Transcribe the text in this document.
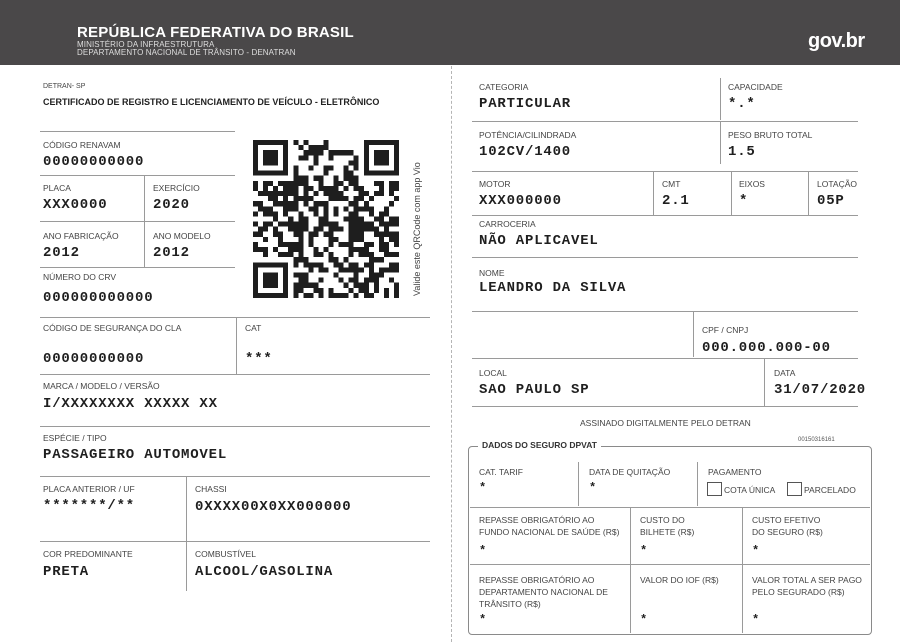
REPÚBLICA FEDERATIVA DO BRASIL
MINISTÉRIO DA INFRAESTRUTURA
DEPARTAMENTO NACIONAL DE TRÂNSITO - DENATRAN
gov.br
DETRAN- SP
CERTIFICADO DE REGISTRO E LICENCIAMENTO DE VEÍCULO - ELETRÔNICO
CÓDIGO RENAVAM
00000000000
PLACA
XXX0000
EXERCÍCIO
2020
ANO FABRICAÇÃO
2012
ANO MODELO
2012
NÚMERO DO CRV
000000000000
Valide este QRCode com app Vio
CÓDIGO DE SEGURANÇA DO CLA
00000000000
CAT
***
MARCA / MODELO / VERSÃO
I/XXXXXXXX XXXXX XX
ESPÉCIE / TIPO
PASSAGEIRO AUTOMOVEL
PLACA ANTERIOR / UF
*******/**
CHASSI
0XXXX00X0XX000000
COR PREDOMINANTE
PRETA
COMBUSTÍVEL
ALCOOL/GASOLINA
CATEGORIA
PARTICULAR
CAPACIDADE
*.*
POTÊNCIA/CILINDRADA
102CV/1400
PESO BRUTO TOTAL
1.5
MOTOR
XXX000000
CMT
2.1
EIXOS
*
LOTAÇÃO
05P
CARROCERIA
NÃO APLICAVEL
NOME
LEANDRO DA SILVA
CPF / CNPJ
000.000.000-00
LOCAL
SAO PAULO SP
DATA
31/07/2020
ASSINADO DIGITALMENTE PELO DETRAN
DADOS DO SEGURO DPVAT	00150316161
CAT. TARIF
*
DATA DE QUITAÇÃO
*
PAGAMENTO
COTA ÚNICA	PARCELADO
REPASSE OBRIGATÓRIO AO
FUNDO NACIONAL DE SAÚDE (R$)
*
CUSTO DO
BILHETE (R$)
*
CUSTO EFETIVO
DO SEGURO (R$)
*
REPASSE OBRIGATÓRIO AO
DEPARTAMENTO NACIONAL DE
TRÂNSITO (R$)
*
VALOR DO IOF (R$)
*
VALOR TOTAL A SER PAGO
PELO SEGURADO (R$)
*
